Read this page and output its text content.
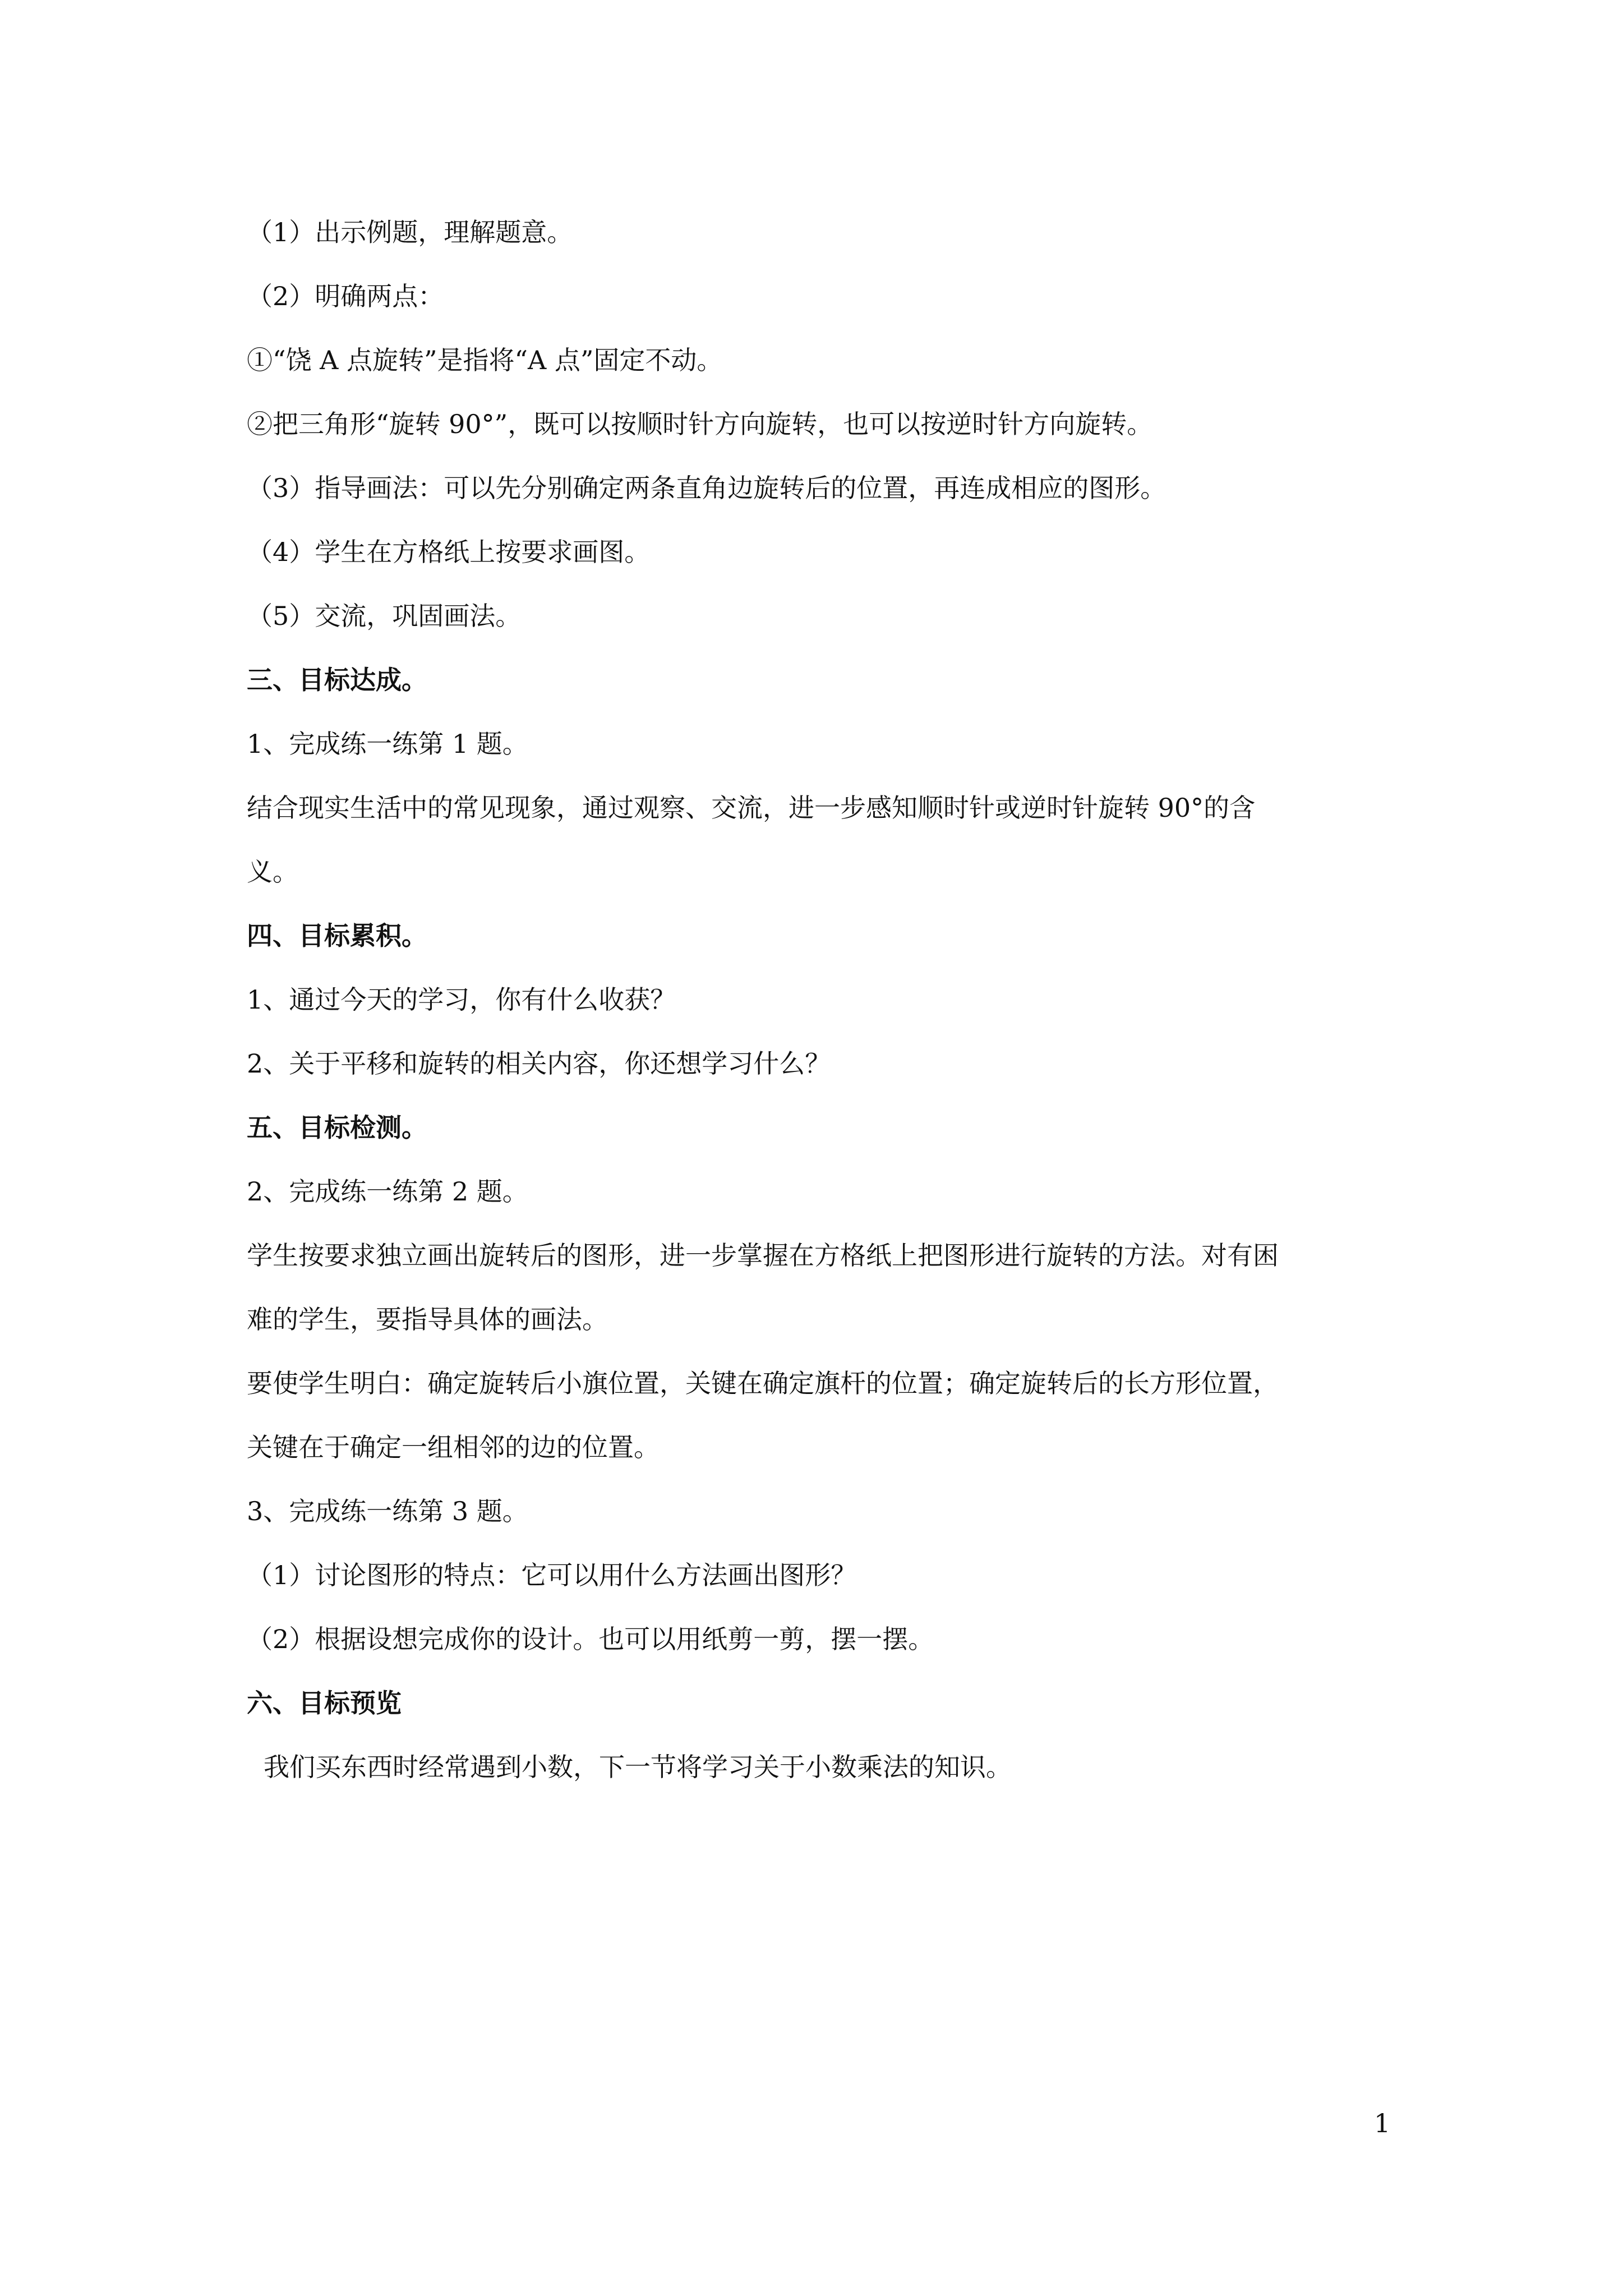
（1）出示例题，理解题意。
（2）明确两点：
①“饶 A 点旋转”是指将“A 点”固定不动。
②把三角形“旋转 90°”，既可以按顺时针方向旋转，也可以按逆时针方向旋转。
（3）指导画法：可以先分别确定两条直角边旋转后的位置，再连成相应的图形。
（4）学生在方格纸上按要求画图。
（5）交流，巩固画法。
三、目标达成。
1、完成练一练第 1 题。
结合现实生活中的常见现象，通过观察、交流，进一步感知顺时针或逆时针旋转 90°的含
义。
四、目标累积。
1、通过今天的学习，你有什么收获？
2、关于平移和旋转的相关内容，你还想学习什么？
五、目标检测。
2、完成练一练第 2 题。
学生按要求独立画出旋转后的图形，进一步掌握在方格纸上把图形进行旋转的方法。对有困
难的学生，要指导具体的画法。
要使学生明白：确定旋转后小旗位置，关键在确定旗杆的位置；确定旋转后的长方形位置，
关键在于确定一组相邻的边的位置。
3、完成练一练第 3 题。
（1）讨论图形的特点：它可以用什么方法画出图形？
（2）根据设想完成你的设计。也可以用纸剪一剪，摆一摆。
六、目标预览
我们买东西时经常遇到小数，下一节将学习关于小数乘法的知识。
1
